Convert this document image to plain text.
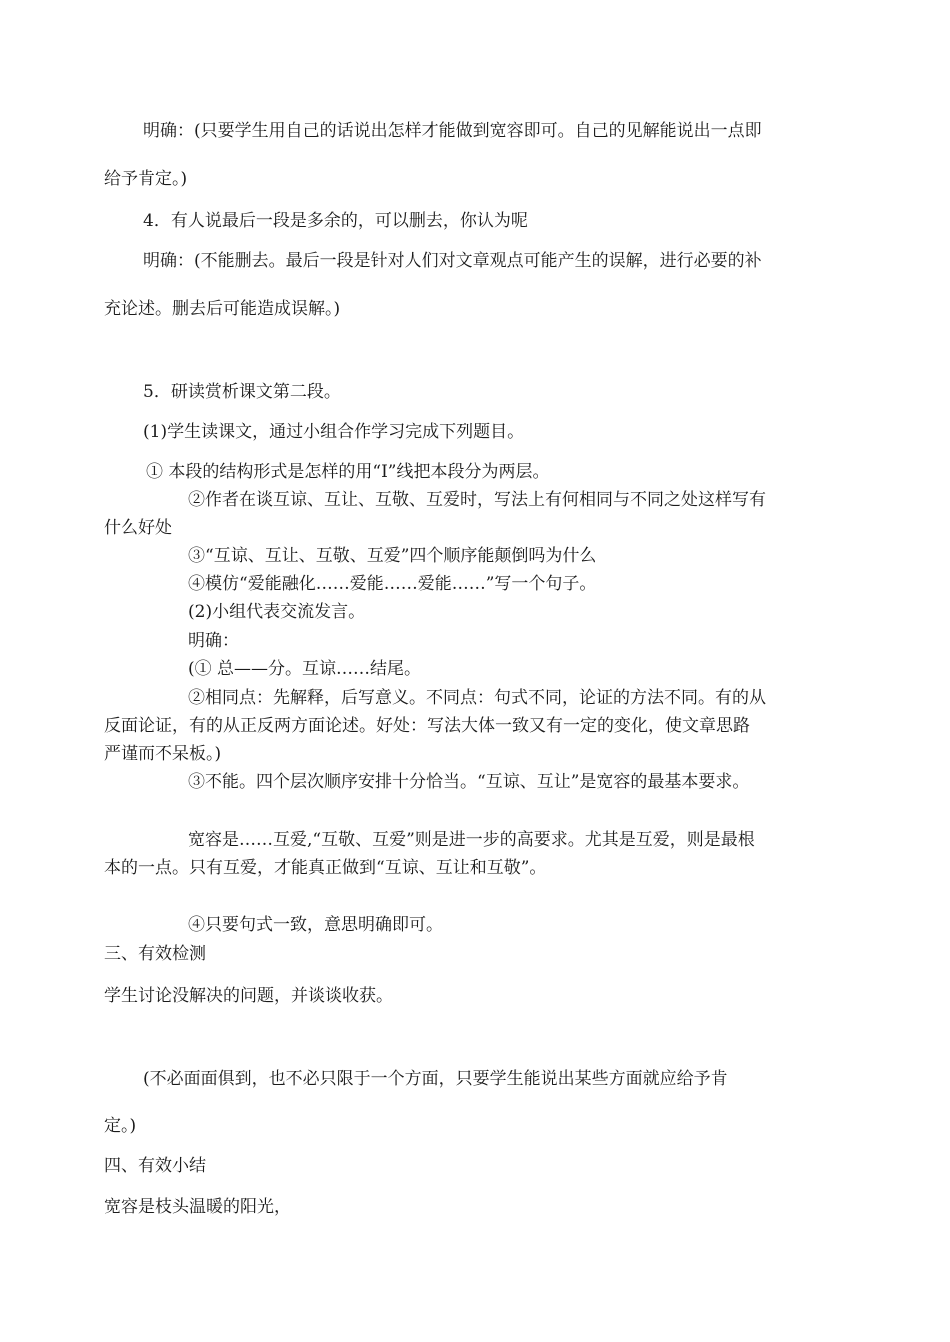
明确：(只要学生用自己的话说出怎样才能做到宽容即可。自己的见解能说出一点即
给予肯定。)
4．有人说最后一段是多余的，可以删去，你认为呢
明确：(不能删去。最后一段是针对人们对文章观点可能产生的误解，进行必要的补
充论述。删去后可能造成误解。)
5．研读赏析课文第二段。
(1)学生读课文，通过小组合作学习完成下列题目。
① 本段的结构形式是怎样的用“I”线把本段分为两层。
②作者在谈互谅、互让、互敬、互爱时，写法上有何相同与不同之处这样写有
什么好处
③“互谅、互让、互敬、互爱”四个顺序能颠倒吗为什么
④模仿“爱能融化……爱能……爱能……”写一个句子。
(2)小组代表交流发言。
明确：
(① 总——分。互谅……结尾。
②相同点：先解释，后写意义。不同点：句式不同，论证的方法不同。有的从
反面论证，有的从正反两方面论述。好处：写法大体一致又有一定的变化，使文章思路
严谨而不呆板。)
③不能。四个层次顺序安排十分恰当。“互谅、互让”是宽容的最基本要求。
宽容是……互爱,“互敬、互爱”则是进一步的高要求。尤其是互爱，则是最根
本的一点。只有互爱，才能真正做到“互谅、互让和互敬”。
④只要句式一致，意思明确即可。
三、有效检测
学生讨论没解决的问题，并谈谈收获。
(不必面面俱到，也不必只限于一个方面，只要学生能说出某些方面就应给予肯
定。)
四、有效小结
宽容是枝头温暖的阳光，
